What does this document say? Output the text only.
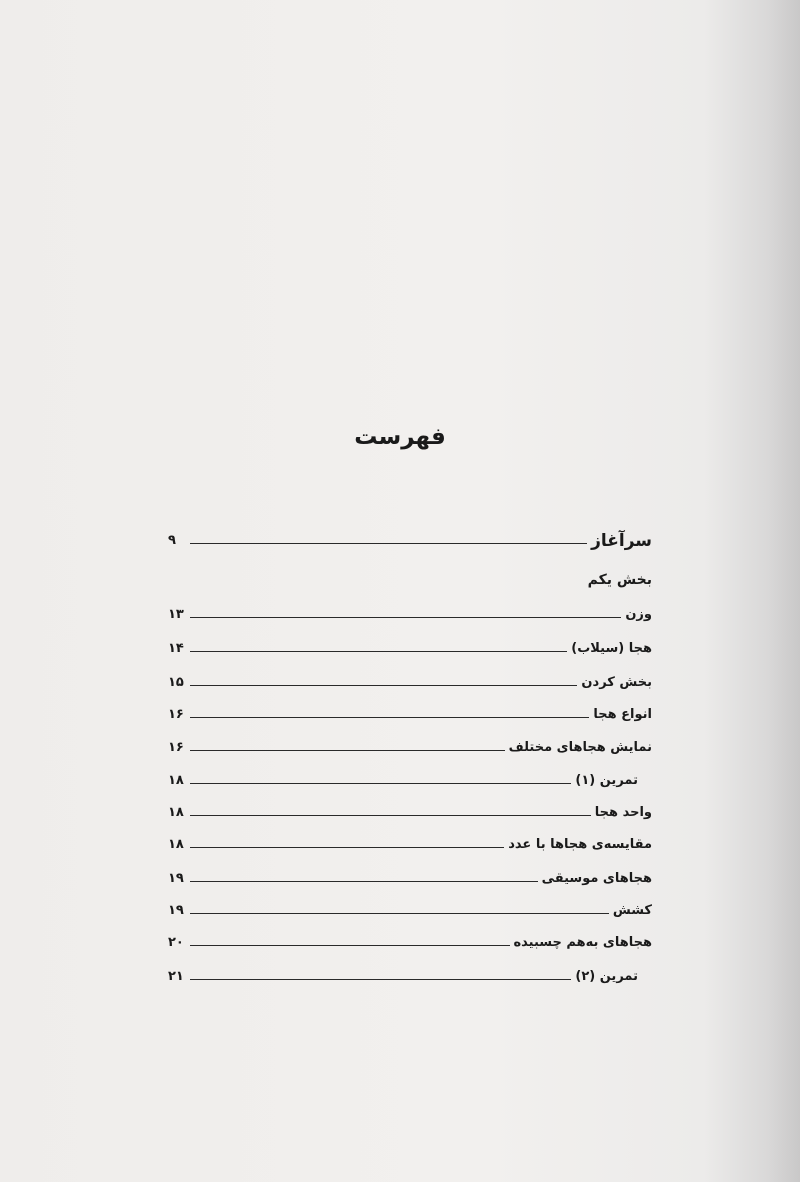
فهرست
سرآغاز
۹
بخش یکم
وزن
۱۳
هجا (سیلاب)
۱۴
بخش کردن
۱۵
انواع هجا
۱۶
نمایش هجاهای مختلف
۱۶
تمرین (۱)
۱۸
واحد هجا
۱۸
مقایسه‌ی هجاها با عدد
۱۸
هجاهای موسیقی
۱۹
کشش
۱۹
هجاهای به‌هم چسبیده
۲۰
تمرین (۲)
۲۱
